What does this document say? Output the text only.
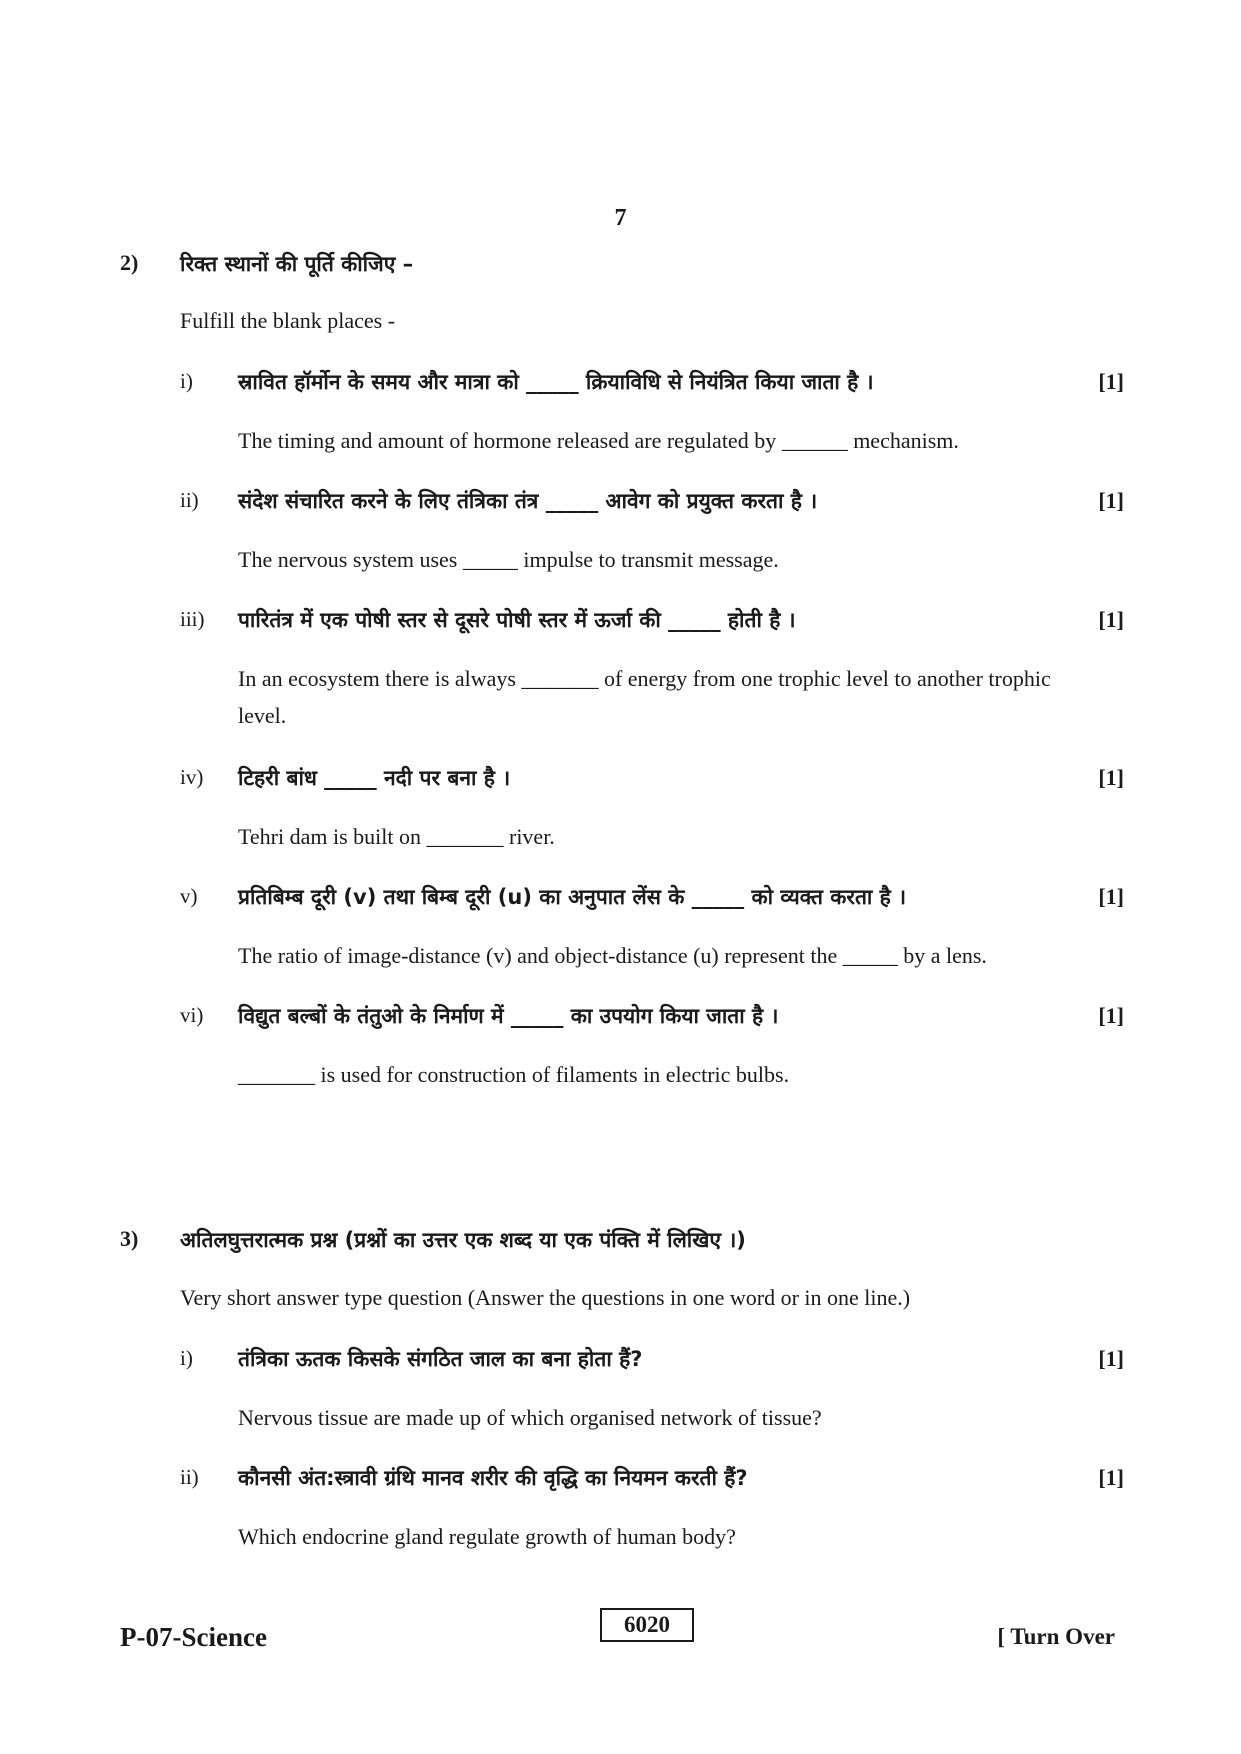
7
2) रिक्त स्थानों की पूर्ति कीजिए –
Fulfill the blank places -
i) स्रावित हॉर्मोन के समय और मात्रा को _____ क्रियाविधि से नियंत्रित किया जाता है ।	[1]
The timing and amount of hormone released are regulated by ______ mechanism.
ii) संदेश संचारित करने के लिए तंत्रिका तंत्र _____ आवेग को प्रयुक्त करता है ।	[1]
The nervous system uses _____ impulse to transmit message.
iii) पारितंत्र में एक पोषी स्तर से दूसरे पोषी स्तर में ऊर्जा की _____ होती है ।	[1]
In an ecosystem there is always _______ of energy from one trophic level to another trophic
level.
iv) टिहरी बांध _____ नदी पर बना है ।	[1]
Tehri dam is built on _______ river.
v) प्रतिबिम्ब दूरी (v) तथा बिम्ब दूरी (u) का अनुपात लेंस के _____ को व्यक्त करता है ।	[1]
The ratio of image-distance (v) and object-distance (u) represent the _____ by a lens.
vi) विद्युत बल्बों के तंतुओ के निर्माण में _____ का उपयोग किया जाता है ।	[1]
_______ is used for construction of filaments in electric bulbs.
3) अतिलघुत्तरात्मक प्रश्न (प्रश्नों का उत्तर एक शब्द या एक पंक्ति में लिखिए ।)
Very short answer type question (Answer the questions in one word or in one line.)
i) तंत्रिका ऊतक किसके संगठित जाल का बना होता हैं?	[1]
Nervous tissue are made up of which organised network of tissue?
ii) कौनसी अंत:स्त्रावी ग्रंथि मानव शरीर की वृद्धि का नियमन करती हैं?	[1]
Which endocrine gland regulate growth of human body?
P-07-Science	6020	[ Turn Over
